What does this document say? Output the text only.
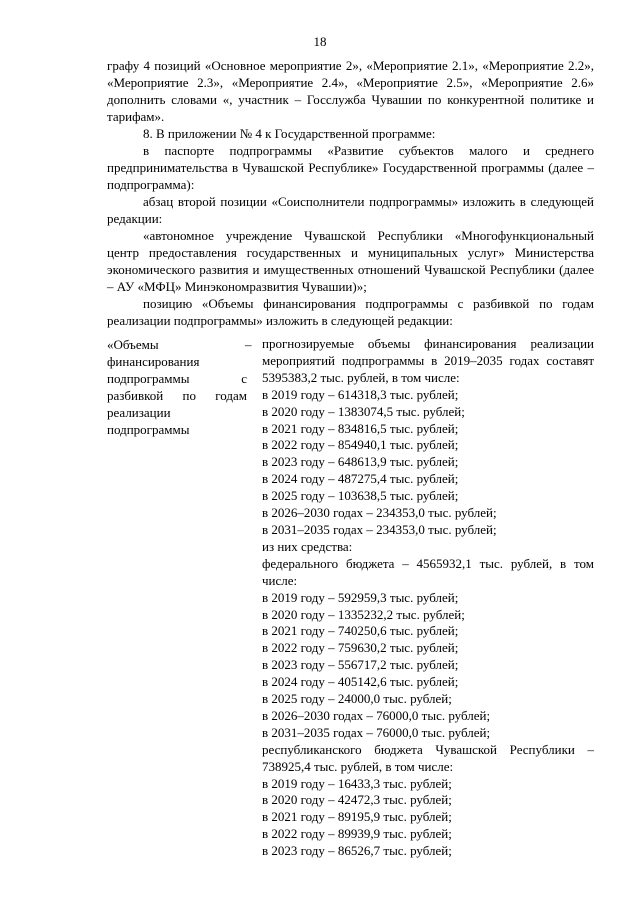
18

графу 4 позиций «Основное мероприятие 2», «Мероприятие 2.1», «Мероприятие 2.2», «Мероприятие 2.3», «Мероприятие 2.4», «Мероприятие 2.5», «Мероприятие 2.6» дополнить словами «, участник – Госслужба Чувашии по конкурентной политике и тарифам».

8. В приложении № 4 к Государственной программе:

в паспорте подпрограммы «Развитие субъектов малого и среднего предпринимательства в Чувашской Республике» Государственной программы (далее – подпрограмма):

абзац второй позиции «Соисполнители подпрограммы» изложить в следующей редакции:

«автономное учреждение Чувашской Республики «Многофункциональный центр предоставления государственных и муниципальных услуг» Министерства экономического развития и имущественных отношений Чувашской Республики (далее – АУ «МФЦ» Минэкономразвития Чувашии)»;

позицию «Объемы финансирования подпрограммы с разбивкой по годам реализации подпрограммы» изложить в следующей редакции:

«Объемы финансирования подпрограммы с разбивкой по годам реализации подпрограммы
– прогнозируемые объемы финансирования реализации мероприятий подпрограммы в 2019–2035 годах составят 5395383,2 тыс. рублей, в том числе:
в 2019 году – 614318,3 тыс. рублей;
в 2020 году – 1383074,5 тыс. рублей;
в 2021 году – 834816,5 тыс. рублей;
в 2022 году – 854940,1 тыс. рублей;
в 2023 году – 648613,9 тыс. рублей;
в 2024 году – 487275,4 тыс. рублей;
в 2025 году – 103638,5 тыс. рублей;
в 2026–2030 годах – 234353,0 тыс. рублей;
в 2031–2035 годах – 234353,0 тыс. рублей;
из них средства:
федерального бюджета – 4565932,1 тыс. рублей, в том числе:
в 2019 году – 592959,3 тыс. рублей;
в 2020 году – 1335232,2 тыс. рублей;
в 2021 году – 740250,6 тыс. рублей;
в 2022 году – 759630,2 тыс. рублей;
в 2023 году – 556717,2 тыс. рублей;
в 2024 году – 405142,6 тыс. рублей;
в 2025 году – 24000,0 тыс. рублей;
в 2026–2030 годах – 76000,0 тыс. рублей;
в 2031–2035 годах – 76000,0 тыс. рублей;
республиканского бюджета Чувашской Республики – 738925,4 тыс. рублей, в том числе:
в 2019 году – 16433,3 тыс. рублей;
в 2020 году – 42472,3 тыс. рублей;
в 2021 году – 89195,9 тыс. рублей;
в 2022 году – 89939,9 тыс. рублей;
в 2023 году – 86526,7 тыс. рублей;
